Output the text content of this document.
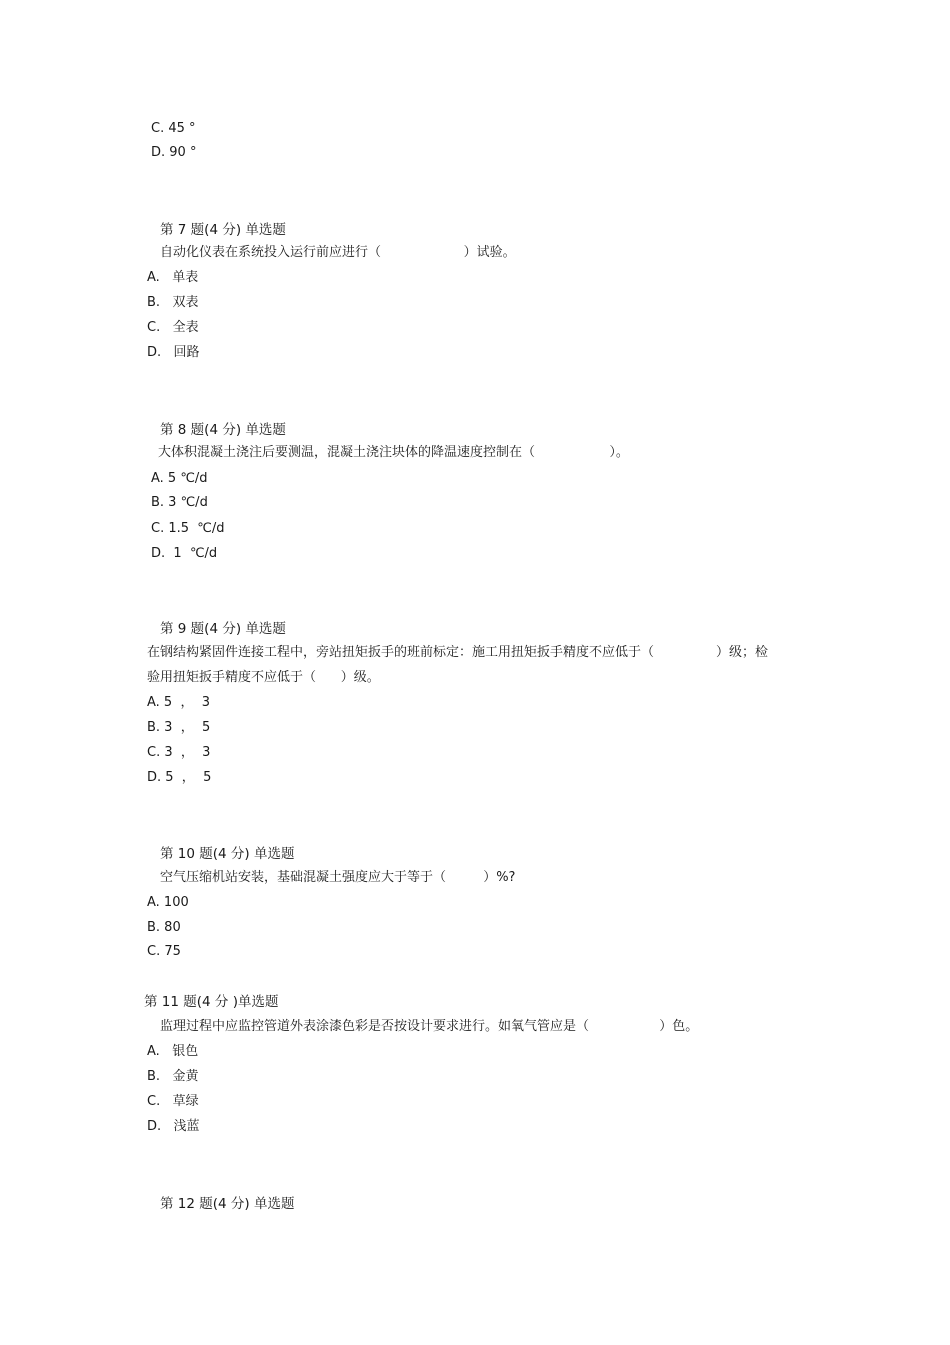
C. 45 °
D. 90 °
第 7 题(4 分) 单选题
自动化仪表在系统投入运行前应进行（                    ）试验。
A.   单表
B.   双表
C.   全表
D.   回路
第 8 题(4 分) 单选题
大体积混凝土浇注后要测温，混凝土浇注块体的降温速度控制在（                  ）。
A. 5 ℃/d
B. 3 ℃/d
C. 1.5  ℃/d
D.  1  ℃/d
第 9 题(4 分) 单选题
在钢结构紧固件连接工程中，旁站扭矩扳手的班前标定：施工用扭矩扳手精度不应低于（               ）级；检
验用扭矩扳手精度不应低于（      ）级。
A. 5  ，  3
B. 3  ，  5
C. 3  ，  3
D. 5  ，  5
第 10 题(4 分) 单选题
空气压缩机站安装，基础混凝土强度应大于等于（         ）%?
A. 100
B. 80
C. 75
第 11 题(4 分 )单选题
监理过程中应监控管道外表涂漆色彩是否按设计要求进行。如氧气管应是（                 ）色。
A.   银色
B.   金黄
C.   草绿
D.   浅蓝
第 12 题(4 分) 单选题
